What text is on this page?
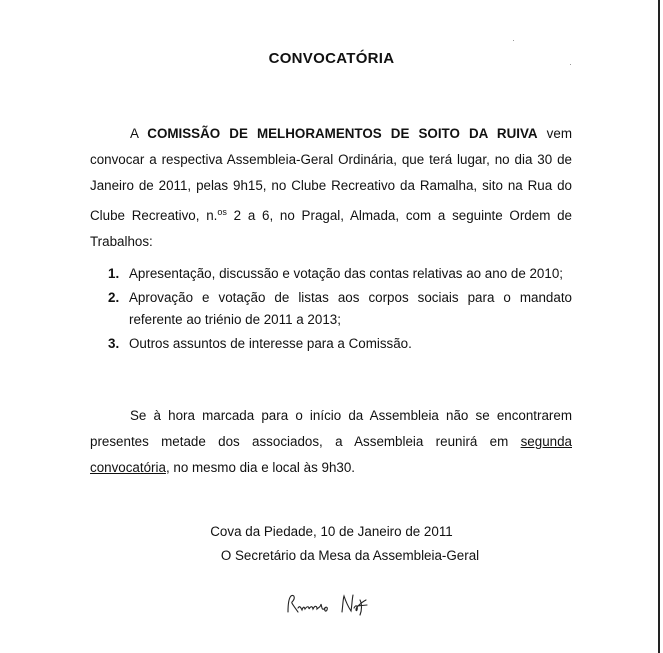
CONVOCATÓRIA
A COMISSÃO DE MELHORAMENTOS DE SOITO DA RUIVA vem convocar a respectiva Assembleia-Geral Ordinária, que terá lugar, no dia 30 de Janeiro de 2011, pelas 9h15, no Clube Recreativo da Ramalha, sito na Rua do Clube Recreativo, n.$^{os}$ 2 a 6, no Pragal, Almada, com a seguinte Ordem de Trabalhos:
1. Apresentação, discussão e votação das contas relativas ao ano de 2010;
2. Aprovação e votação de listas aos corpos sociais para o mandato referente ao triénio de 2011 a 2013;
3. Outros assuntos de interesse para a Comissão.
Se à hora marcada para o início da Assembleia não se encontrarem presentes metade dos associados, a Assembleia reunirá em segunda convocatória, no mesmo dia e local às 9h30.
Cova da Piedade, 10 de Janeiro de 2011
O Secretário da Mesa da Assembleia-Geral
